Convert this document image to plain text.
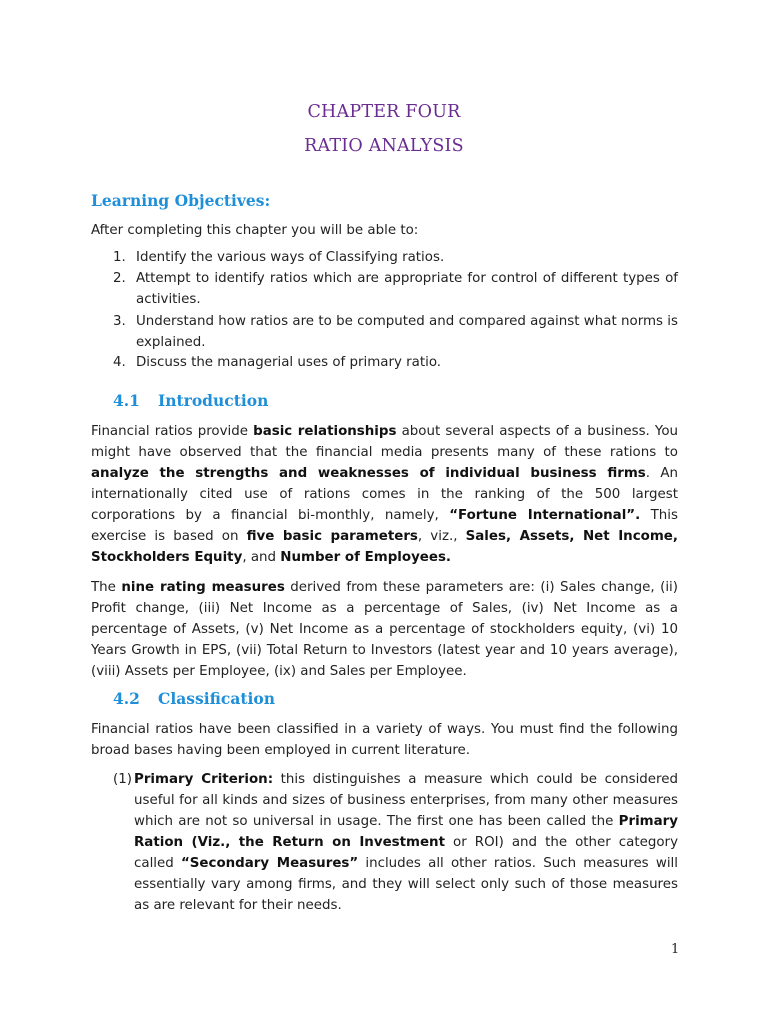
CHAPTER FOUR
RATIO ANALYSIS
Learning Objectives:
After completing this chapter you will be able to:
1. Identify the various ways of Classifying ratios.
2. Attempt to identify ratios which are appropriate for control of different types of activities.
3. Understand how ratios are to be computed and compared against what norms is explained.
4. Discuss the managerial uses of primary ratio.
4.1 Introduction
Financial ratios provide basic relationships about several aspects of a business. You might have observed that the financial media presents many of these rations to analyze the strengths and weaknesses of individual business firms. An internationally cited use of rations comes in the ranking of the 500 largest corporations by a financial bi-monthly, namely, “Fortune International”. This exercise is based on five basic parameters, viz., Sales, Assets, Net Income, Stockholders Equity, and Number of Employees.
The nine rating measures derived from these parameters are: (i) Sales change, (ii) Profit change, (iii) Net Income as a percentage of Sales, (iv) Net Income as a percentage of Assets, (v) Net Income as a percentage of stockholders equity, (vi) 10 Years Growth in EPS, (vii) Total Return to Investors (latest year and 10 years average), (viii) Assets per Employee, (ix) and Sales per Employee.
4.2 Classification
Financial ratios have been classified in a variety of ways. You must find the following broad bases having been employed in current literature.
(1) Primary Criterion: this distinguishes a measure which could be considered useful for all kinds and sizes of business enterprises, from many other measures which are not so universal in usage. The first one has been called the Primary Ration (Viz., the Return on Investment or ROI) and the other category called “Secondary Measures” includes all other ratios. Such measures will essentially vary among firms, and they will select only such of those measures as are relevant for their needs.
1
